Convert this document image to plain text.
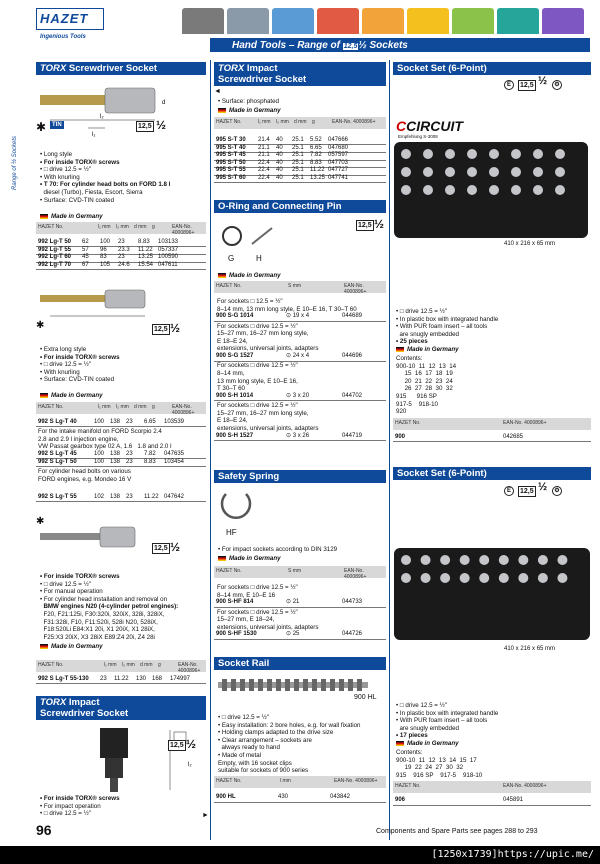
HAZET
Ingenious Tools
Hand Tools – Range of 12,5½ Sockets
Range of ½ Sockets
TORX Screwdriver Socket
l₂
l₁
d
✱ TIN	12,5 ½
• Long style
• For inside TORX® screws
• □ drive 12.5 = ½"
• With knurling
• T 70: For cylinder head bolts on FORD 1.8 l
diesel (Turbo), Fiesta, Escort, Sierra
• Surface: CVD-TIN coated
Made in Germany
HAZET No.	l₁ mm l₂ mm d mm g	EAN-No. 4000896+
992 Lg-T 50 62 100 23 8.83 103133
992 Lg-T 55 57 96 23.3 11.22 057337
992 Lg-T 60 45 83 23 13.25 100590
992 Lg-T 70 67 105 24.6 15.54 047611
✱	12,5 ½
• Extra long style
• For inside TORX® screws
• □ drive 12.5 = ½"
• With knurling
• Surface: CVD-TIN coated
Made in Germany
HAZET No.	l₁ mm l₂ mm d mm g	EAN-No. 4000896+
992 S Lg-T 40	100 138 23 6.65 103539
For the intake manifold on FORD Scorpio 2.4
2.8 and 2.9 l injection engine,
VW Passat gearbox type 02 A, 1.6   1.8 and 2.0 l
992 S Lg-T 45	100 138 23 7.82 047635
992 S Lg-T 50	100 138 23 8.83 103454
For cylinder head bolts on various
FORD engines, e.g. Mondeo 16 V
992 S Lg-T 55	102 138 23 11.22 047642
✱
12,5 ½
• For inside TORX® screws
• □ drive 12.5 = ½"
• For manual operation
• For cylinder head installation and removal on
BMW engines N20 (4-cylinder petrol engines):
F20, F21:125i, F30:320i, 320iX, 328i, 328iX,
F31:328i, F10, F11:520i, 528i N20, 528iX,
F18:520Li E84:X1 20i, X1 20iX, X1 28iX,
F25:X3 20iX, X3 28iX E89:Z4 20i, Z4 28i
Made in Germany
HAZET No.	l₁ mm l₂ mm d mm g	EAN-No. 4000896+
992 S Lg-T 55-130 23 11.22 130 168 174997
TORX Impact
Screwdriver Socket
l₂
12,5 ½
• For inside TORX® screws
• For impact operation
• □ drive 12.5 = ½"
TORX Impact
Screwdriver Socket
◄
• Surface: phosphated
Made in Germany
HAZET No.	l₁ mm l₂ mm d mm g	EAN-No. 4000896+
995 S-T 30 21.4 40 25.1 5.52 047666
995 S-T 40 21.1 40 25.1 6.65 047680
995 S-T 45 21.1 40 25.1 7.82 057597
995 S-T 50 22.4 40 25.1 8.83 047703
995 S-T 55 22.4 40 25.1 11.22 047727
995 S-T 60 22.4 40 25.1 13.25 047741
O-Ring and Connecting Pin
G	H
12,5 ½
Made in Germany
HAZET No.	S mm	EAN-No. 4000896+
For sockets □ 12.5 = ½"
8–14 mm, 13 mm long style, E 10–E 16, T 30–T 60
900 S-G 1014	⊙ 19 x 4	044689
For sockets □ drive 12.5 = ½"
15–27 mm, 16–27 mm long style,
E 18–E 24,
extensions, universal joints, adapters
900 S-G 1527	⊙ 24 x 4	044696
For sockets □ drive 12.5 = ½"
8–14 mm,
13 mm long style, E 10–E 16,
T 30–T 60
900 S-H 1014	⊙ 3 x 20	044702
For sockets □ drive 12.5 = ½"
15–27 mm, 16–27 mm long style,
E 18–E 24,
extensions, universal joints, adapters
900 S-H 1527	⊙ 3 x 26	044719
Safety Spring
HF
• For impact sockets according to DIN 3129
Made in Germany
HAZET No.	S mm	EAN-No. 4000896+
For sockets □ drive 12.5 = ½"
8–14 mm, E 10–E 16
900 S-HF 814	⊙ 21	044733
For sockets □ drive 12.5 = ½"
15–27 mm, E 18–24,
extensions, universal joints, adapters
900 S-HF 1530	⊙ 25	044726
Socket Rail
900 HL
• □ drive 12.5 = ½"
• Easy installation: 2 bore holes, e.g. for wall fixation
• Holding clamps adapted to the drive size
• Clear arrangement – sockets are
always ready to hand
• Made of metal
Empty, with 16 socket clips
suitable for sockets of 900 series
HAZET No.	l mm	EAN-No. 4000896+
900 HL	430	043842
►
Socket Set (6-Point)
E	12,5 ½	⚙
CCIRCUIT
Empfehlung S-3008
410 x 216 x 65 mm
• □ drive 12.5 = ½"
• In plastic box with integrated handle
• With PUR foam insert – all tools
are snugly embedded
• 25 pieces
Made in Germany
Contents:
900-10  11  12  13  14
15  16  17  18  19
20  21  22  23  24
26  27  28  30  32
915      916 SP
917-5    918-10
920
HAZET No.	EAN-No. 4000896+
900	042685
Socket Set (6-Point)
E	12,5 ½	⚙
410 x 216 x 65 mm
• □ drive 12.5 = ½"
• In plastic box with integrated handle
• With PUR foam insert – all tools
are snugly embedded
• 17 pieces
Made in Germany
Contents:
900-10  11  12  13  14  15  17
19  22  24  27  30  32
915    916 SP    917-5    918-10
HAZET No.	EAN-No. 4000896+
906	045891
96	Components and Spare Parts see pages 288 to 293
[1250x1739]https://upic.me/
